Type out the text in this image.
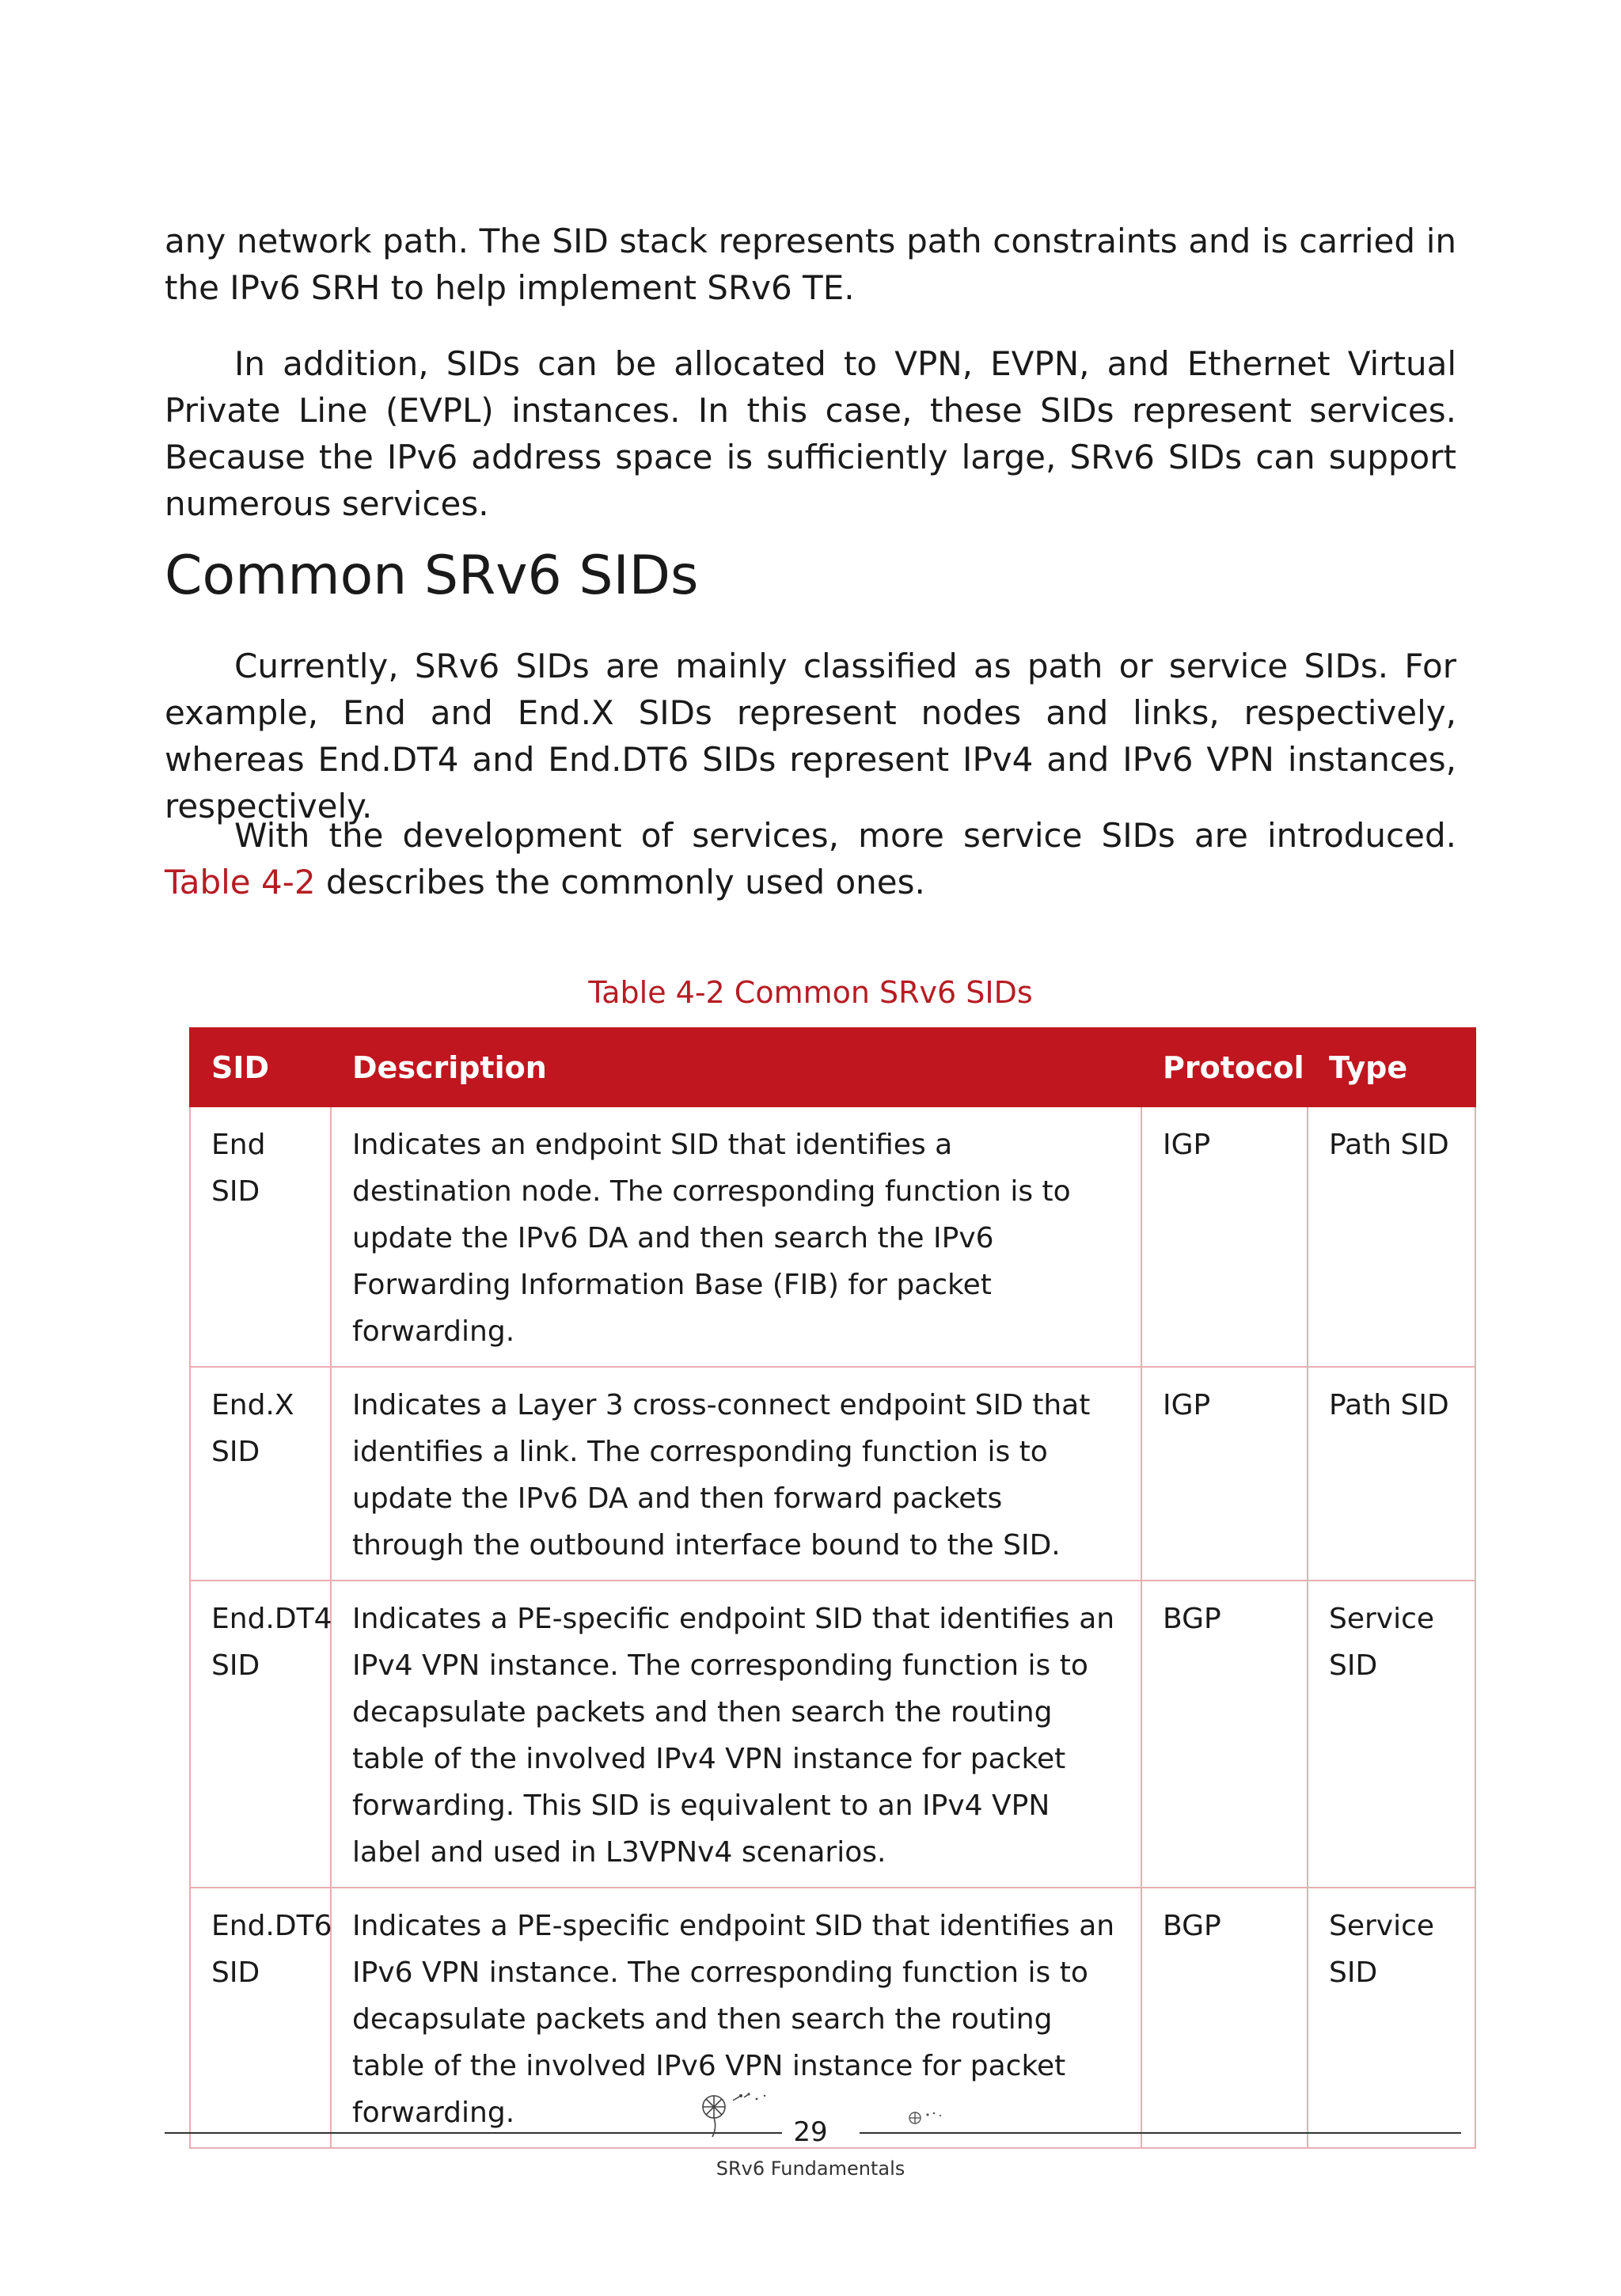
any network path. The SID stack represents path constraints and is carried in the IPv6 SRH to help implement SRv6 TE.

In addition, SIDs can be allocated to VPN, EVPN, and Ethernet Virtual Private Line (EVPL) instances. In this case, these SIDs represent services. Because the IPv6 address space is sufficiently large, SRv6 SIDs can support numerous services.

Common SRv6 SIDs

Currently, SRv6 SIDs are mainly classified as path or service SIDs. For example, End and End.X SIDs represent nodes and links, respectively, whereas End.DT4 and End.DT6 SIDs represent IPv4 and IPv6 VPN instances, respectively.

With the development of services, more service SIDs are introduced. Table 4-2 describes the commonly used ones.

Table 4-2 Common SRv6 SIDs
SID	Description	Protocol	Type
End SID	Indicates an endpoint SID that identifies a destination node. The corresponding function is to update the IPv6 DA and then search the IPv6 Forwarding Information Base (FIB) for packet forwarding.	IGP	Path SID
End.X SID	Indicates a Layer 3 cross-connect endpoint SID that identifies a link. The corresponding function is to update the IPv6 DA and then forward packets through the outbound interface bound to the SID.	IGP	Path SID
End.DT4 SID	Indicates a PE-specific endpoint SID that identifies an IPv4 VPN instance. The corresponding function is to decapsulate packets and then search the routing table of the involved IPv4 VPN instance for packet forwarding. This SID is equivalent to an IPv4 VPN label and used in L3VPNv4 scenarios.	BGP	Service SID
End.DT6 SID	Indicates a PE-specific endpoint SID that identifies an IPv6 VPN instance. The corresponding function is to decapsulate packets and then search the routing table of the involved IPv6 VPN instance for packet forwarding.	BGP	Service SID
29
SRv6 Fundamentals
